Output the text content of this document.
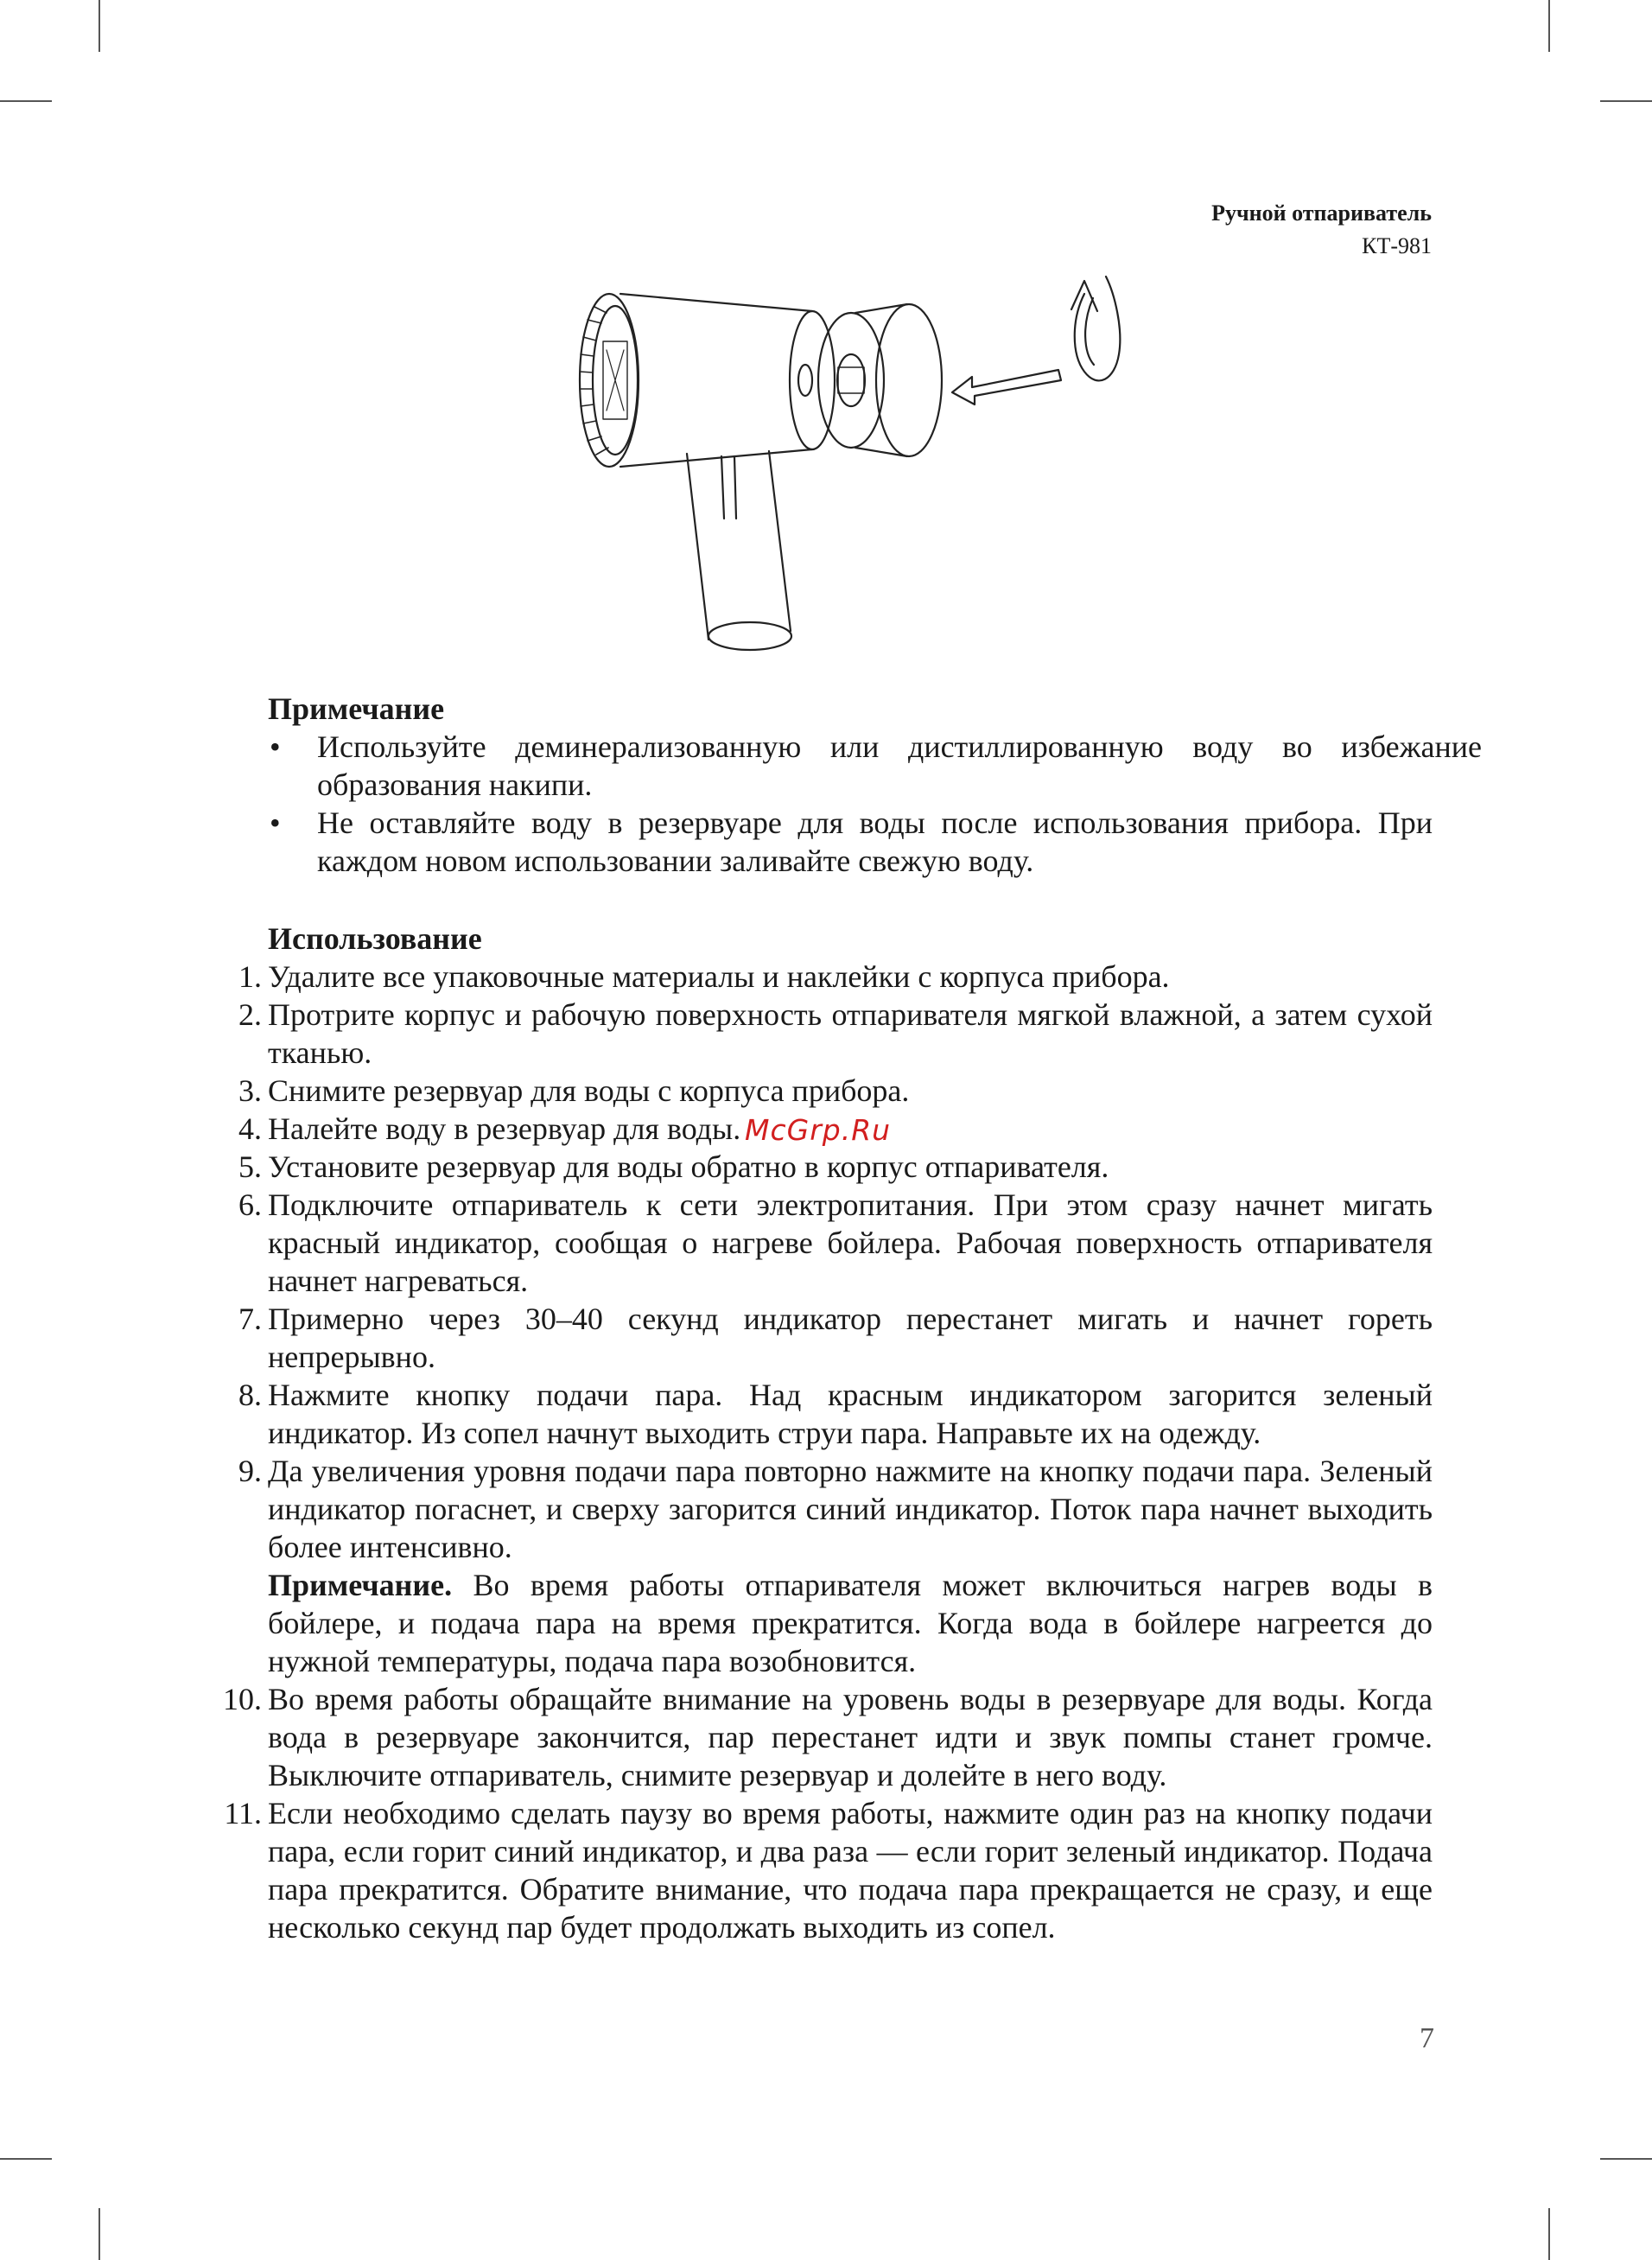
Ручной отпариватель
КТ-981

Примечание

• Используйте деминерализованную или дистиллированную воду во избежание образования накипи.
• Не оставляйте воду в резервуаре для воды после использования прибора. При каждом новом использовании заливайте свежую воду.

Использование

1. Удалите все упаковочные материалы и наклейки с корпуса прибора.
2. Протрите корпус и рабочую поверхность отпаривателя мягкой влажной, а затем сухой тканью.
3. Снимите резервуар для воды с корпуса прибора.
4. Налейте воду в резервуар для воды.
5. Установите резервуар для воды обратно в корпус отпаривателя.
6. Подключите отпариватель к сети электропитания. При этом сразу начнет мигать красный индикатор, сообщая о нагреве бойлера. Рабочая поверхность отпаривателя начнет нагреваться.
7. Примерно через 30–40 секунд индикатор перестанет мигать и начнет гореть непрерывно.
8. Нажмите кнопку подачи пара. Над красным индикатором загорится зеленый индикатор. Из сопел начнут выходить струи пара. Направьте их на одежду.
9. Да увеличения уровня подачи пара повторно нажмите на кнопку подачи пара. Зеленый индикатор погаснет, и сверху загорится синий индикатор. Поток пара начнет выходить более интенсивно.
Примечание. Во время работы отпаривателя может включиться нагрев воды в бойлере, и подача пара на время прекратится. Когда вода в бойлере нагреется до нужной температуры, подача пара возобновится.
10. Во время работы обращайте внимание на уровень воды в резервуаре для воды. Когда вода в резервуаре закончится, пар перестанет идти и звук помпы станет громче. Выключите отпариватель, снимите резервуар и долейте в него воду.
11. Если необходимо сделать паузу во время работы, нажмите один раз на кнопку подачи пара, если горит синий индикатор, и два раза — если горит зеленый индикатор. Подача пара прекратится. Обратите внимание, что подача пара прекращается не сразу, и еще несколько секунд пар будет продолжать выходить из сопел.
McGrp.Ru
7
